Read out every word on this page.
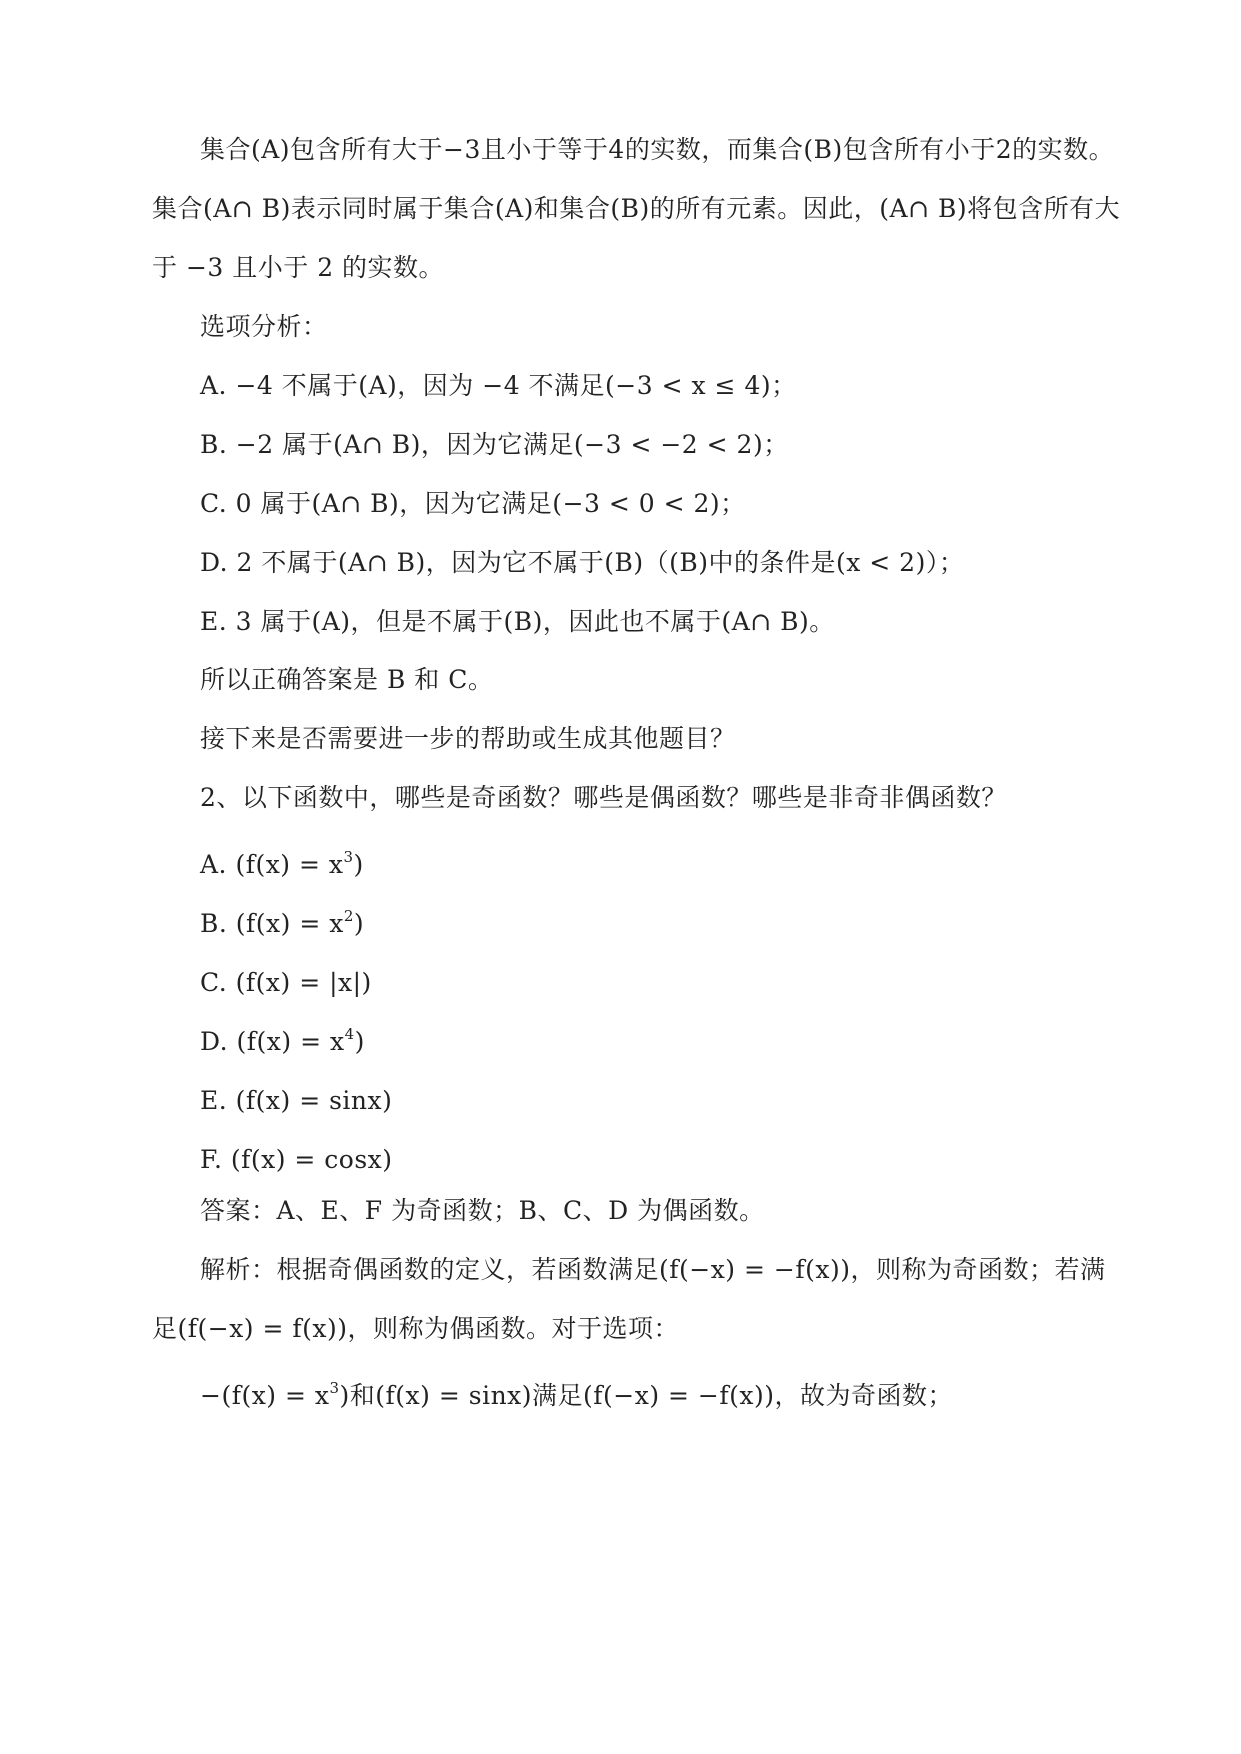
集合(A)包含所有大于−3且小于等于4的实数，而集合(B)包含所有小于2的实数。
集合(A∩ B)表示同时属于集合(A)和集合(B)的所有元素。因此，(A∩ B)将包含所有大
于 −3 且小于 2 的实数。
选项分析：
A. −4 不属于(A)，因为 −4 不满足(−3 < x ≤ 4)；
B. −2 属于(A∩ B)，因为它满足(−3 < −2 < 2)；
C. 0 属于(A∩ B)，因为它满足(−3 < 0 < 2)；
D. 2 不属于(A∩ B)，因为它不属于(B)（(B)中的条件是(x < 2)）；
E. 3 属于(A)，但是不属于(B)，因此也不属于(A∩ B)。
所以正确答案是 B 和 C。
接下来是否需要进一步的帮助或生成其他题目？
2、以下函数中，哪些是奇函数？哪些是偶函数？哪些是非奇非偶函数？
A. $(f(x) = x^3)$
B. $(f(x) = x^2)$
C. (f(x) = |x|)
D. $(f(x) = x^4)$
E. (f(x) = sinx)
F. (f(x) = cosx)
答案：A、E、F 为奇函数；B、C、D 为偶函数。
解析：根据奇偶函数的定义，若函数满足(f(−x) = −f(x))，则称为奇函数；若满
足(f(−x) = f(x))，则称为偶函数。对于选项：
$-(f(x) = x^3)$和(f(x) = sinx)满足(f(−x) = −f(x))，故为奇函数；
